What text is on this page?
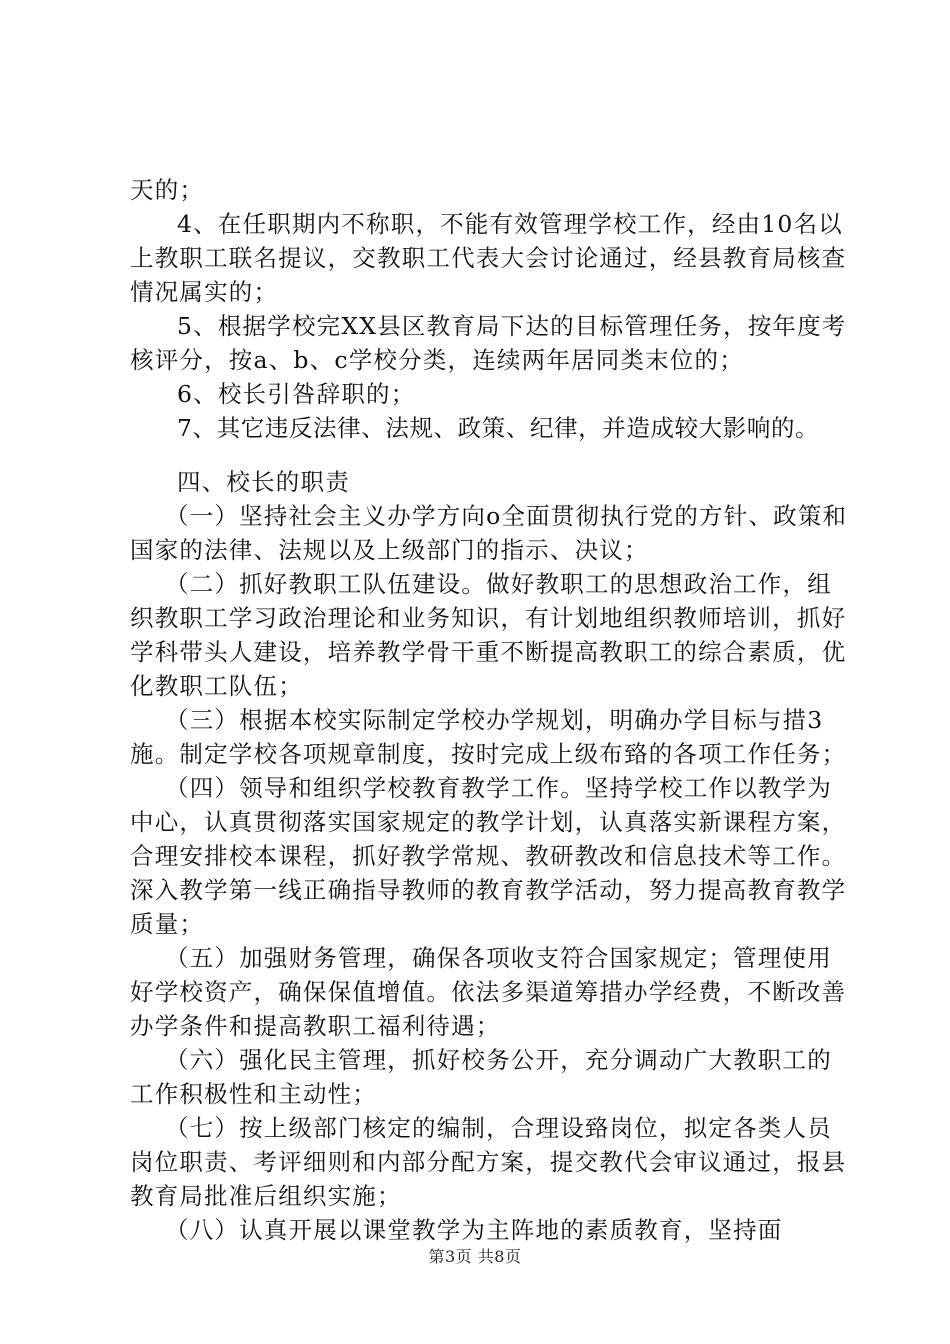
天的；

4、在任职期内不称职，不能有效管理学校工作，经由10名以上教职工联名提议，交教职工代表大会讨论通过，经县教育局核查情况属实的；

5、根据学校完XX县区教育局下达的目标管理任务，按年度考核评分，按a、b、c学校分类，连续两年居同类末位的；

6、校长引咎辞职的；

7、其它违反法律、法规、政策、纪律，并造成较大影响的。

四、校长的职责

（一）坚持社会主义办学方向o全面贯彻执行党的方针、政策和国家的法律、法规以及上级部门的指示、决议；

（二）抓好教职工队伍建设。做好教职工的思想政治工作，组织教职工学习政治理论和业务知识，有计划地组织教师培训，抓好学科带头人建设，培养教学骨干重不断提高教职工的综合素质，优化教职工队伍；

（三）根据本校实际制定学校办学规划，明确办学目标与措3施。制定学校各项规章制度，按时完成上级布臵的各项工作任务；

（四）领导和组织学校教育教学工作。坚持学校工作以教学为中心，认真贯彻落实国家规定的教学计划，认真落实新课程方案，合理安排校本课程，抓好教学常规、教研教改和信息技术等工作。深入教学第一线正确指导教师的教育教学活动，努力提高教育教学质量；

（五）加强财务管理，确保各项收支符合国家规定；管理使用好学校资产，确保保值增值。依法多渠道筹措办学经费，不断改善办学条件和提高教职工福利待遇；

（六）强化民主管理，抓好校务公开，充分调动广大教职工的工作积极性和主动性；

（七）按上级部门核定的编制，合理设臵岗位，拟定各类人员岗位职责、考评细则和内部分配方案，提交教代会审议通过，报县教育局批准后组织实施；

（八）认真开展以课堂教学为主阵地的素质教育，坚持面

第3页 共8页
